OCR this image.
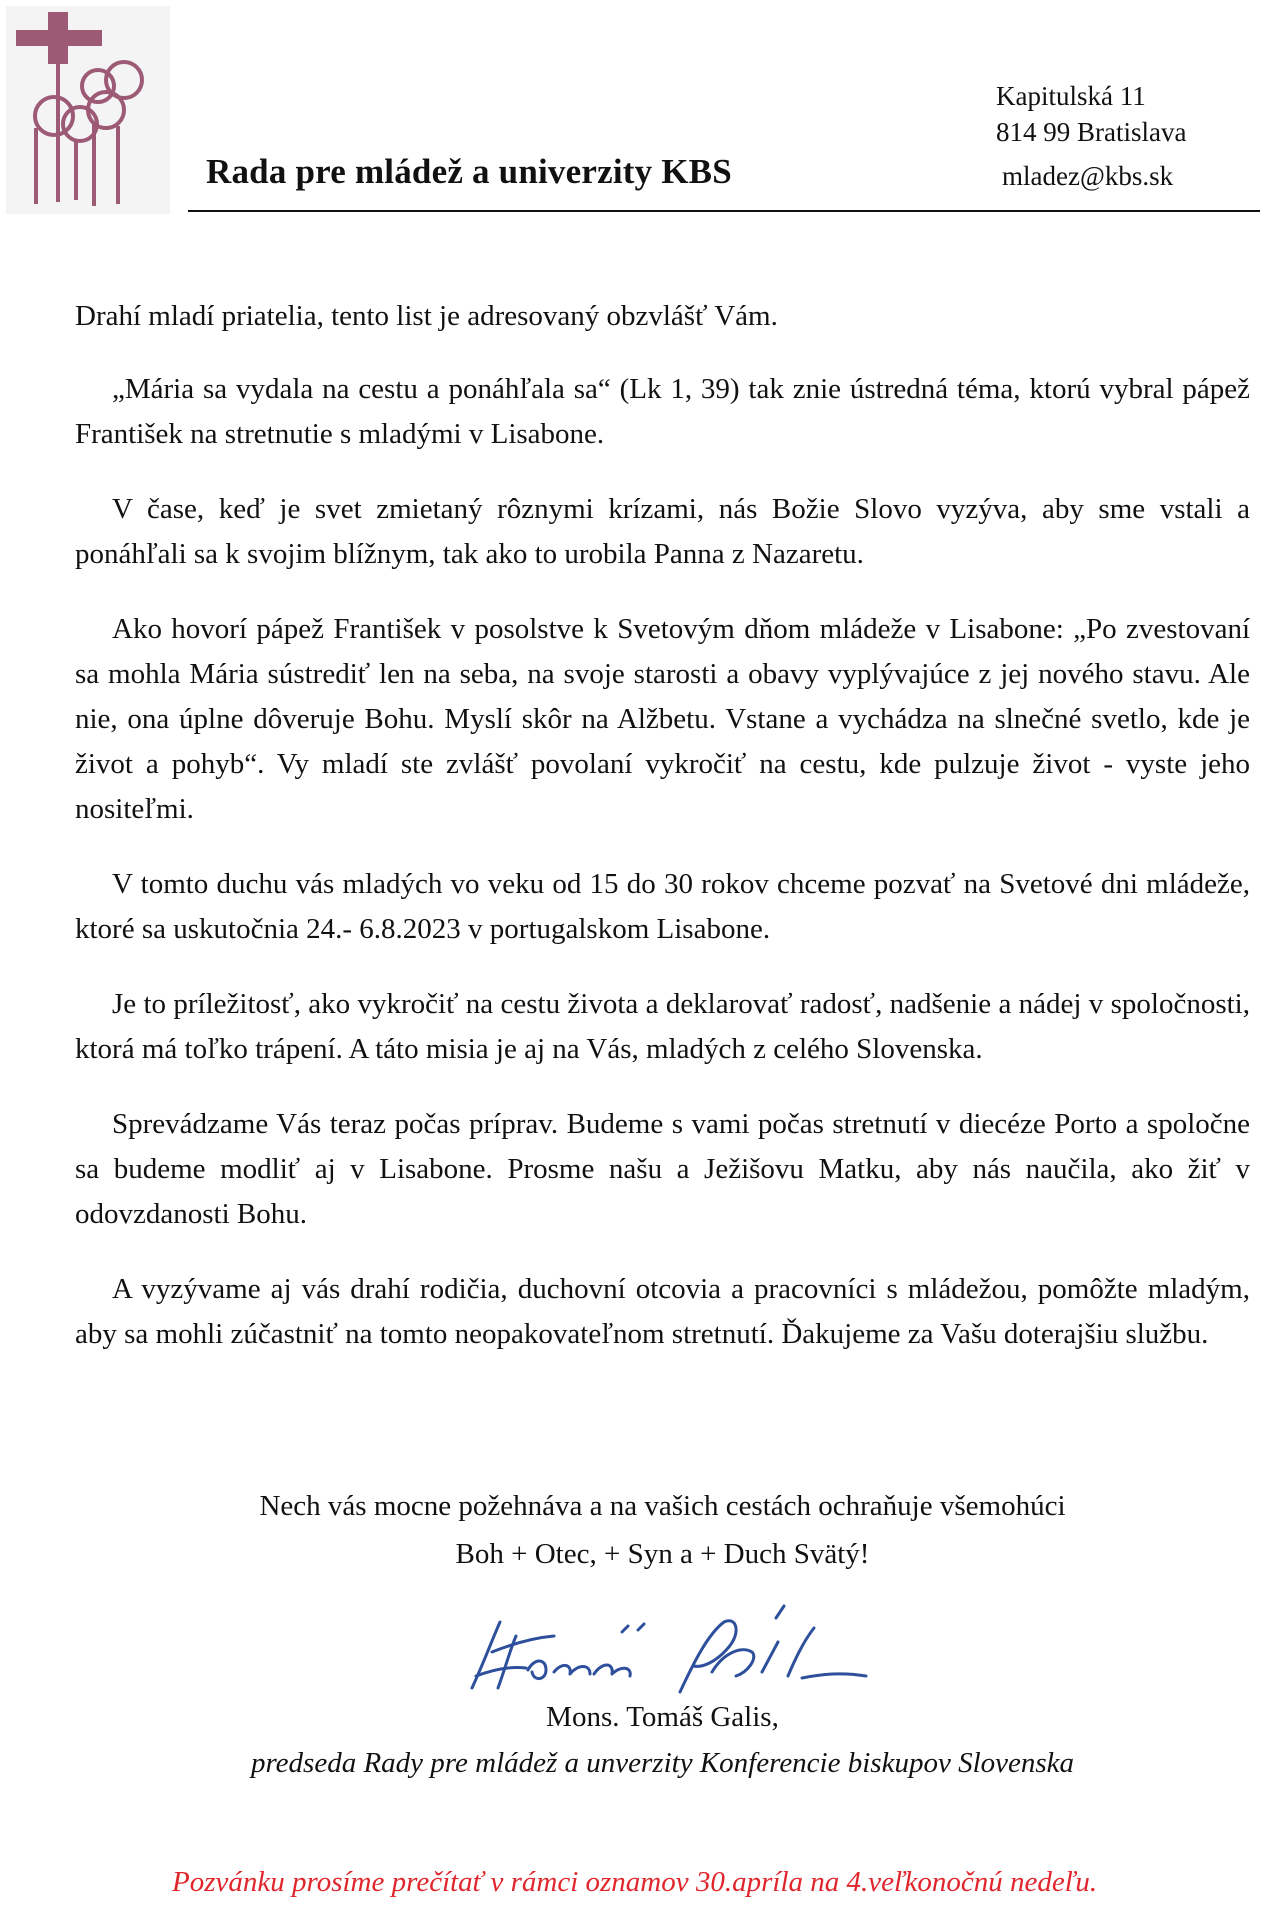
Rada pre mládež a univerzity KBS
Kapitulská 11
814 99 Bratislava
mladez@kbs.sk

Drahí mladí priatelia, tento list je adresovaný obzvlášť Vám.

„Mária sa vydala na cestu a ponáhľala sa“ (Lk 1, 39) tak znie ústredná téma, ktorú vybral pápež František na stretnutie s mladými v Lisabone.

V čase, keď je svet zmietaný rôznymi krízami, nás Božie Slovo vyzýva, aby sme vstali a ponáhľali sa k svojim blížnym, tak ako to urobila Panna z Nazaretu.

Ako hovorí pápež František v posolstve k Svetovým dňom mládeže v Lisabone: „Po zvestovaní sa mohla Mária sústrediť len na seba, na svoje starosti a obavy vyplývajúce z jej nového stavu. Ale nie, ona úplne dôveruje Bohu. Myslí skôr na Alžbetu. Vstane a vychádza na slnečné svetlo, kde je život a pohyb“. Vy mladí ste zvlášť povolaní vykročiť na cestu, kde pulzuje život - vyste jeho nositeľmi.

V tomto duchu vás mladých vo veku od 15 do 30 rokov chceme pozvať na Svetové dni mládeže, ktoré sa uskutočnia 24.- 6.8.2023 v portugalskom Lisabone.

Je to príležitosť, ako vykročiť na cestu života a deklarovať radosť, nadšenie a nádej v spoločnosti, ktorá má toľko trápení. A táto misia je aj na Vás, mladých z celého Slovenska.

Sprevádzame Vás teraz počas príprav. Budeme s vami počas stretnutí v diecéze Porto a spoločne sa budeme modliť aj v Lisabone. Prosme našu a Ježišovu Matku, aby nás naučila, ako žiť v odovzdanosti Bohu.

A vyzývame aj vás drahí rodičia, duchovní otcovia a pracovníci s mládežou, pomôžte mladým, aby sa mohli zúčastniť na tomto neopakovateľnom stretnutí. Ďakujeme za Vašu doterajšiu službu.

Nech vás mocne požehnáva a na vašich cestách ochraňuje všemohúci
Boh + Otec, + Syn a + Duch Svätý!
Mons. Tomáš Galis,
predseda Rady pre mládež a unverzity Konferencie biskupov Slovenska
Pozvánku prosíme prečítať v rámci oznamov 30.apríla na 4.veľkonočnú nedeľu.
